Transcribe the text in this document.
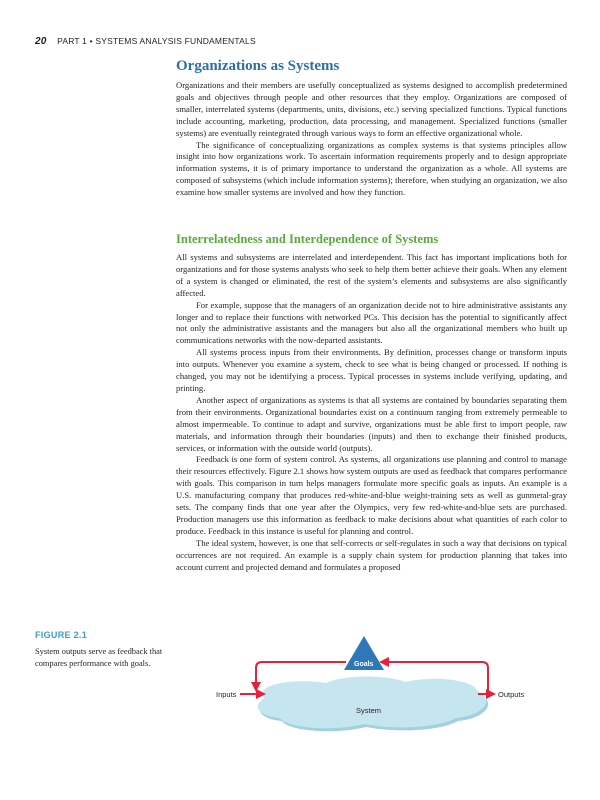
20 PART 1 • SYSTEMS ANALYSIS FUNDAMENTALS
Organizations as Systems

Organizations and their members are usefully conceptualized as systems designed to accomplish predetermined goals and objectives through people and other resources that they employ. Organizations are composed of smaller, interrelated systems (departments, units, divisions, etc.) serving specialized functions. Typical functions include accounting, marketing, production, data processing, and management. Specialized functions (smaller systems) are eventually reintegrated through various ways to form an effective organizational whole.

The significance of conceptualizing organizations as complex systems is that systems principles allow insight into how organizations work. To ascertain information requirements properly and to design appropriate information systems, it is of primary importance to understand the organization as a whole. All systems are composed of subsystems (which include information systems); therefore, when studying an organization, we also examine how smaller systems are involved and how they function.

Interrelatedness and Interdependence of Systems

All systems and subsystems are interrelated and interdependent. This fact has important implications both for organizations and for those systems analysts who seek to help them better achieve their goals. When any element of a system is changed or eliminated, the rest of the system’s elements and subsystems are also significantly affected.

For example, suppose that the managers of an organization decide not to hire administrative assistants any longer and to replace their functions with networked PCs. This decision has the potential to significantly affect not only the administrative assistants and the managers but also all the organizational members who built up communications networks with the now-departed assistants.

All systems process inputs from their environments. By definition, processes change or transform inputs into outputs. Whenever you examine a system, check to see what is being changed or processed. If nothing is changed, you may not be identifying a process. Typical processes in systems include verifying, updating, and printing.

Another aspect of organizations as systems is that all systems are contained by boundaries separating them from their environments. Organizational boundaries exist on a continuum ranging from extremely permeable to almost impermeable. To continue to adapt and survive, organizations must be able first to import people, raw materials, and information through their boundaries (inputs) and then to exchange their finished products, services, or information with the outside world (outputs).

Feedback is one form of system control. As systems, all organizations use planning and control to manage their resources effectively. Figure 2.1 shows how system outputs are used as feedback that compares performance with goals. This comparison in turn helps managers formulate more specific goals as inputs. An example is a U.S. manufacturing company that produces red-white-and-blue weight-training sets as well as gunmetal-gray sets. The company finds that one year after the Olympics, very few red-white-and-blue sets are purchased. Production managers use this information as feedback to make decisions about what quantities of each color to produce. Feedback in this instance is useful for planning and control.

The ideal system, however, is one that self-corrects or self-regulates in such a way that decisions on typical occurrences are not required. An example is a supply chain system for production planning that takes into account current and projected demand and formulates a proposed

FIGURE 2.1
System outputs serve as feedback that compares performance with goals.
System
Inputs	Outputs
Goals
